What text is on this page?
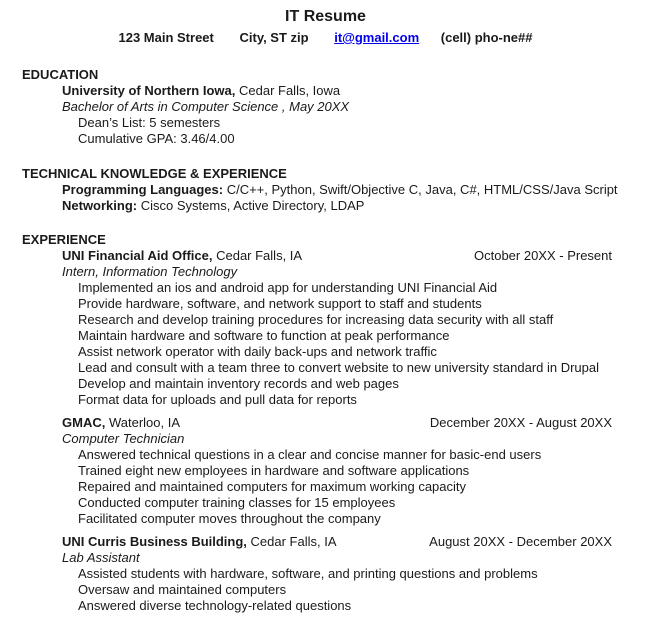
IT Resume
123 Main Street City, ST zip it@gmail.com (cell) pho-ne##
EDUCATION

University of Northern Iowa, Cedar Falls, Iowa

Bachelor of Arts in Computer Science , May 20XX

Dean’s List: 5 semesters

Cumulative GPA: 3.46/4.00

TECHNICAL KNOWLEDGE & EXPERIENCE

Programming Languages: C/C++, Python, Swift/Objective C, Java, C#, HTML/CSS/Java Script

Networking: Cisco Systems, Active Directory, LDAP

EXPERIENCE

UNI Financial Aid Office, Cedar Falls, IA	October 20XX - Present

Intern, Information Technology

Implemented an ios and android app for understanding UNI Financial Aid

Provide hardware, software, and network support to staff and students

Research and develop training procedures for increasing data security with all staff

Maintain hardware and software to function at peak performance

Assist network operator with daily back-ups and network traffic

Lead and consult with a team three to convert website to new university standard in Drupal

Develop and maintain inventory records and web pages

Format data for uploads and pull data for reports

GMAC, Waterloo, IA	December 20XX - August 20XX

Computer Technician

Answered technical questions in a clear and concise manner for basic-end users

Trained eight new employees in hardware and software applications

Repaired and maintained computers for maximum working capacity

Conducted computer training classes for 15 employees

Facilitated computer moves throughout the company

UNI Curris Business Building, Cedar Falls, IA	August 20XX - December 20XX

Lab Assistant

Assisted students with hardware, software, and printing questions and problems

Oversaw and maintained computers

Answered diverse technology-related questions
